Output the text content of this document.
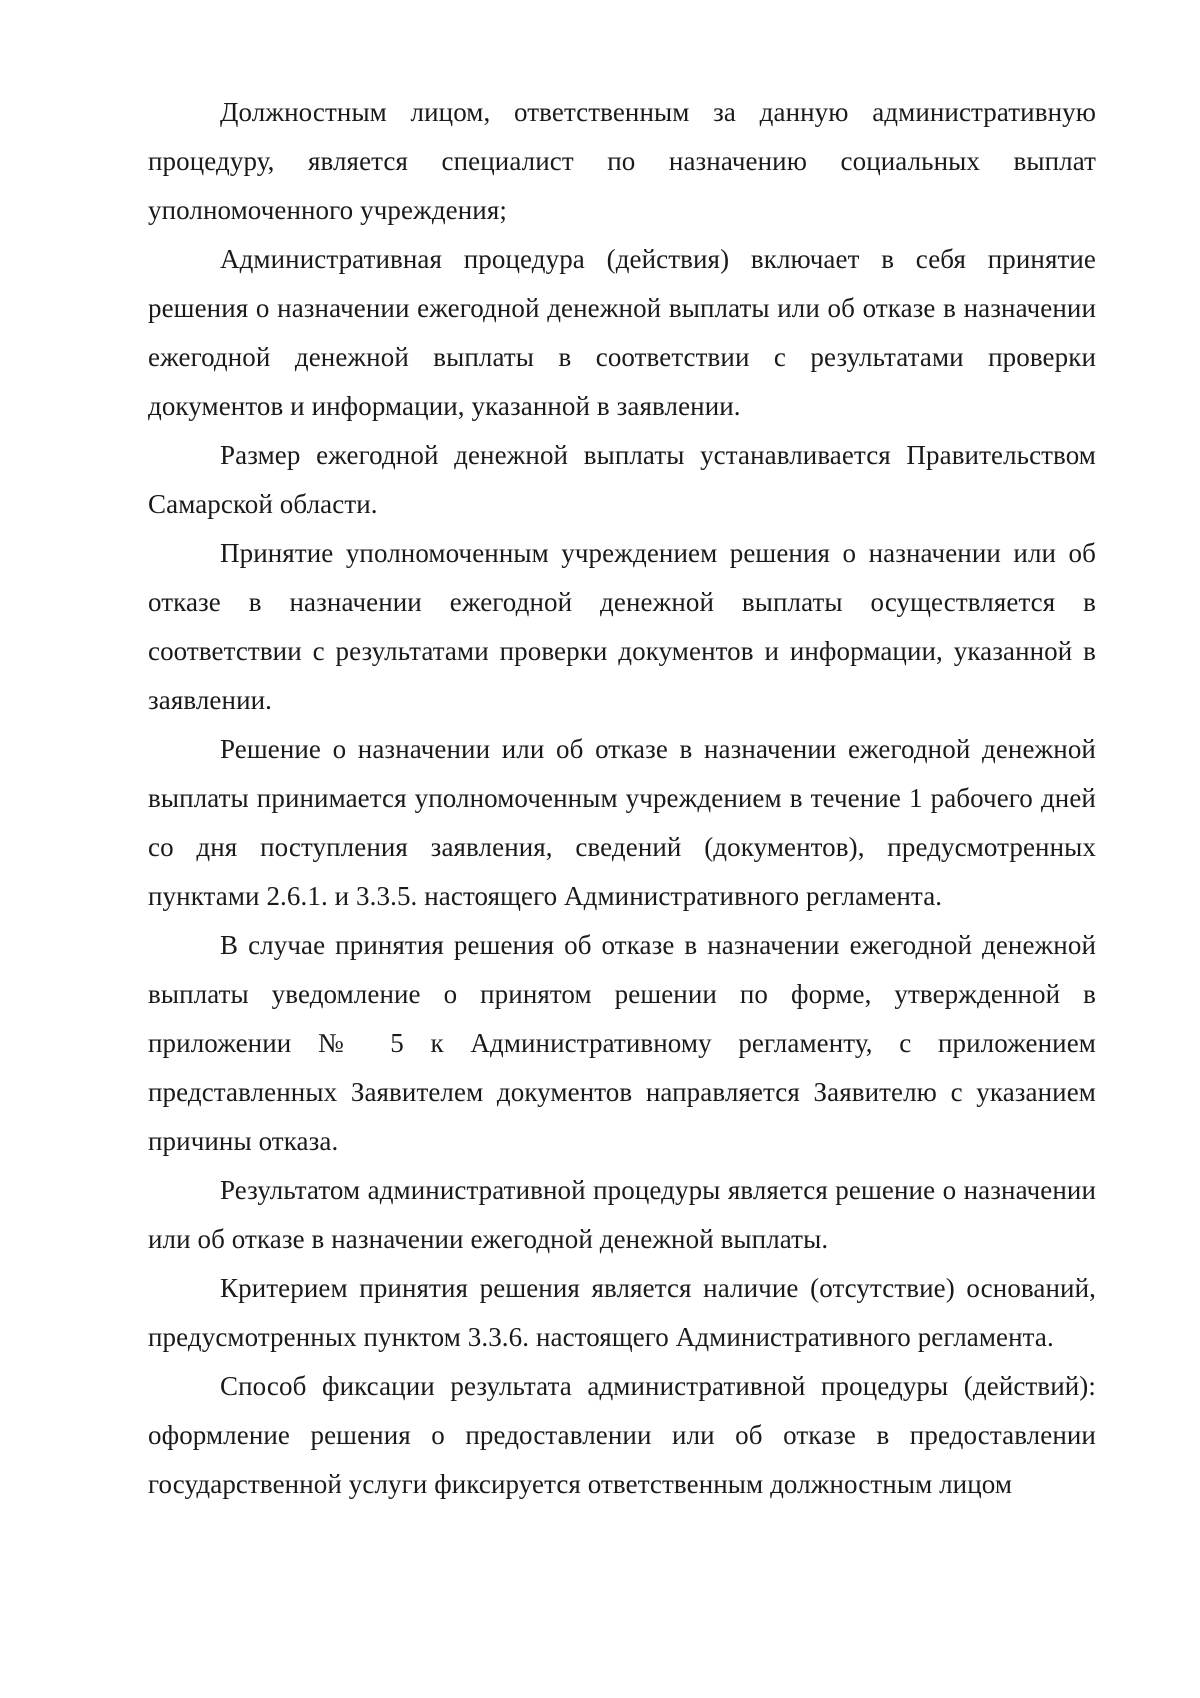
Должностным лицом, ответственным за данную административную процедуру, является специалист по назначению социальных выплат уполномоченного учреждения;

Административная процедура (действия) включает в себя принятие решения о назначении ежегодной денежной выплаты или об отказе в назначении ежегодной денежной выплаты в соответствии с результатами проверки документов и информации, указанной в заявлении.

Размер ежегодной денежной выплаты устанавливается Правительством Самарской области.

Принятие уполномоченным учреждением решения о назначении или об отказе в назначении ежегодной денежной выплаты осуществляется в соответствии с результатами проверки документов и информации, указанной в заявлении.

Решение о назначении или об отказе в назначении ежегодной денежной выплаты принимается уполномоченным учреждением в течение 1 рабочего дней со дня поступления заявления, сведений (документов), предусмотренных пунктами 2.6.1. и 3.3.5. настоящего Административного регламента.

В случае принятия решения об отказе в назначении ежегодной денежной выплаты уведомление о принятом решении по форме, утвержденной в приложении № 5 к Административному регламенту, с приложением представленных Заявителем документов направляется Заявителю с указанием причины отказа.

Результатом административной процедуры является решение о назначении или об отказе в назначении ежегодной денежной выплаты.

Критерием принятия решения является наличие (отсутствие) оснований, предусмотренных пунктом 3.3.6. настоящего Административного регламента.

Способ фиксации результата административной процедуры (действий): оформление решения о предоставлении или об отказе в предоставлении государственной услуги фиксируется ответственным должностным лицом
